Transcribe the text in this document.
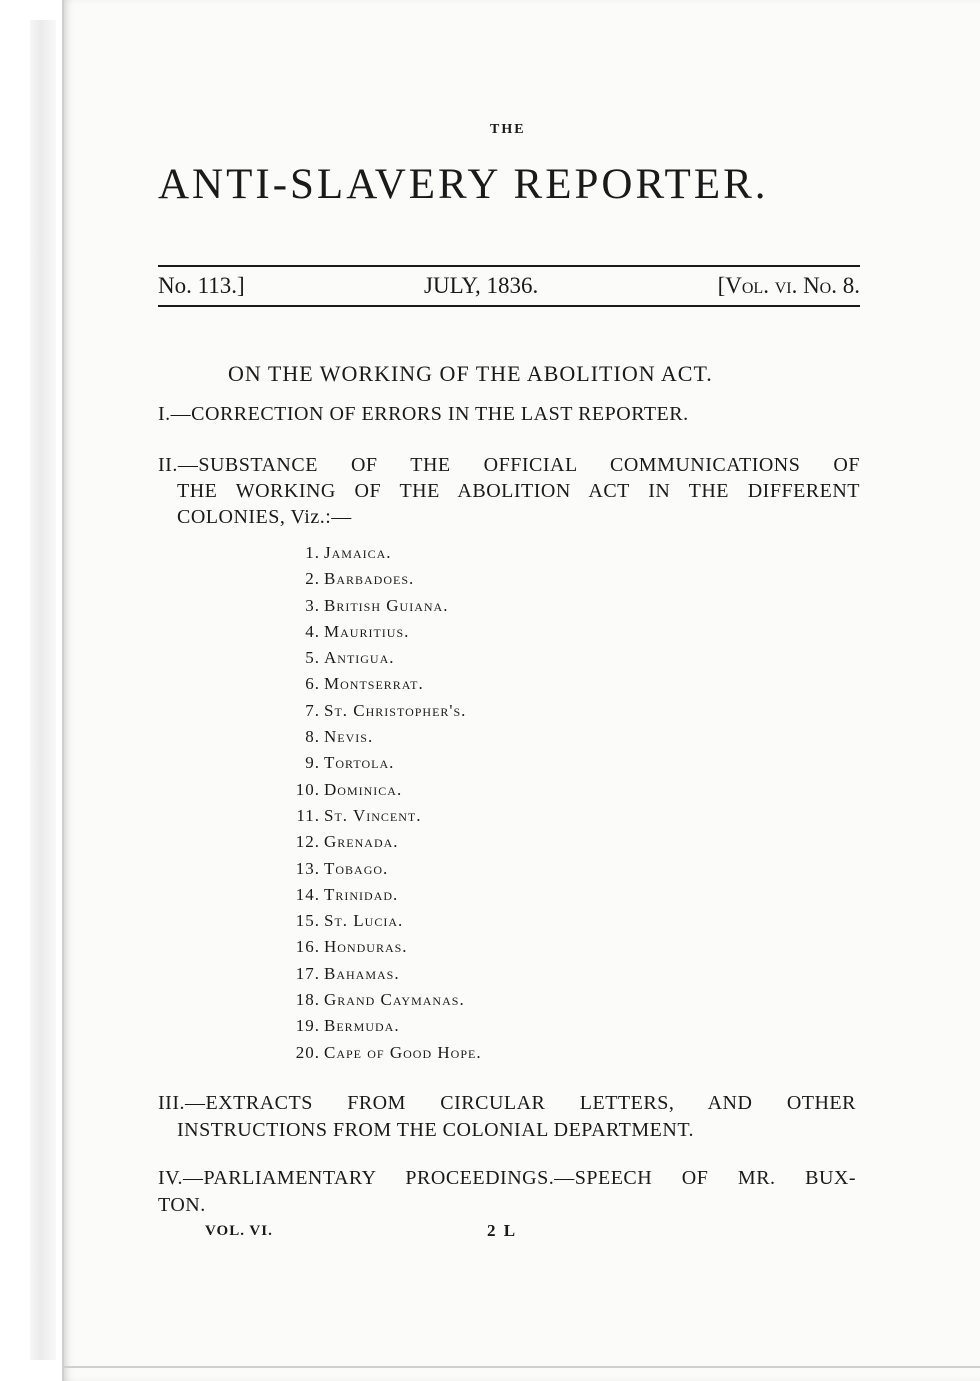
THE
ANTI-SLAVERY REPORTER.
No. 113.]	JULY, 1836.	[Vol. vi. No. 8.
ON THE WORKING OF THE ABOLITION ACT.
I.—CORRECTION OF ERRORS IN THE LAST REPORTER.
II.—SUBSTANCE OF THE OFFICIAL COMMUNICATIONS OF
THE WORKING OF THE ABOLITION ACT IN THE DIFFERENT
COLONIES, Viz.:—
1. Jamaica.
2. Barbadoes.
3. British Guiana.
4. Mauritius.
5. Antigua.
6. Montserrat.
7. St. Christopher's.
8. Nevis.
9. Tortola.
10. Dominica.
11. St. Vincent.
12. Grenada.
13. Tobago.
14. Trinidad.
15. St. Lucia.
16. Honduras.
17. Bahamas.
18. Grand Caymanas.
19. Bermuda.
20. Cape of Good Hope.
III.—EXTRACTS FROM CIRCULAR LETTERS, AND OTHER
INSTRUCTIONS FROM THE COLONIAL DEPARTMENT.
IV.—PARLIAMENTARY PROCEEDINGS.—SPEECH OF MR. BUX-
TON.
VOL. VI.	2 L
